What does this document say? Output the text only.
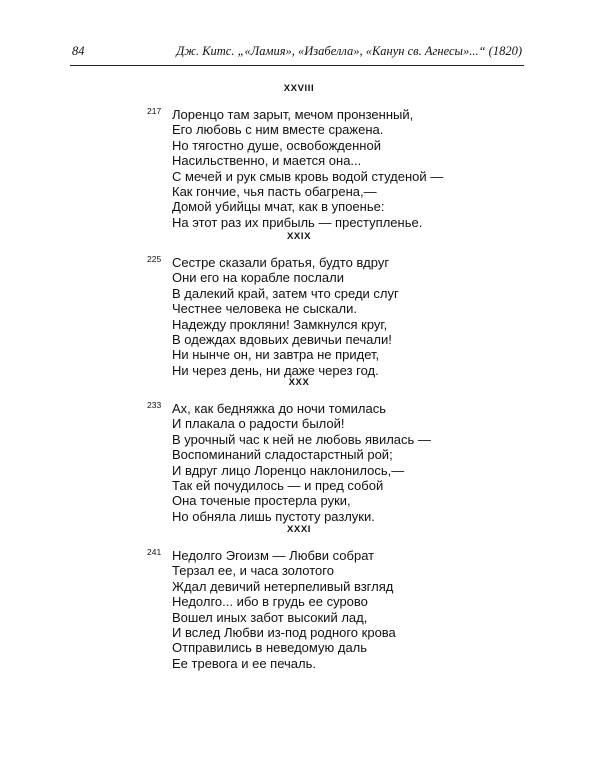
84	Дж. Китс. „«Ламия», «Изабелла», «Канун св. Агнесы»...“ (1820)
XXVIII
217 Лоренцо там зарыт, мечом пронзенный,
Его любовь с ним вместе сражена.
Но тягостно душе, освобожденной
Насильственно, и мается она...
С мечей и рук смыв кровь водой студеной —
Как гончие, чья пасть обагрена,—
Домой убийцы мчат, как в упоенье:
На этот раз их прибыль — преступленье.
XXIX
225 Сестре сказали братья, будто вдруг
Они его на корабле послали
В далекий край, затем что среди слуг
Честнее человека не сыскали.
Надежду прокляни! Замкнулся круг,
В одеждах вдовьих девичьи печали!
Ни нынче он, ни завтра не придет,
Ни через день, ни даже через год.
XXX
233 Ах, как бедняжка до ночи томилась
И плакала о радости былой!
В урочный час к ней не любовь явилась —
Воспоминаний сладостарстный рой;
И вдруг лицо Лоренцо наклонилось,—
Так ей почудилось — и пред собой
Она точеные простерла руки,
Но обняла лишь пустоту разлуки.
XXXI
241 Недолго Эгоизм — Любви собрат
Терзал ее, и часа золотого
Ждал девичий нетерпеливый взгляд
Недолго... ибо в грудь ее сурово
Вошел иных забот высокий лад,
И вслед Любви из-под родного крова
Отправились в неведомую даль
Ее тревога и ее печаль.
